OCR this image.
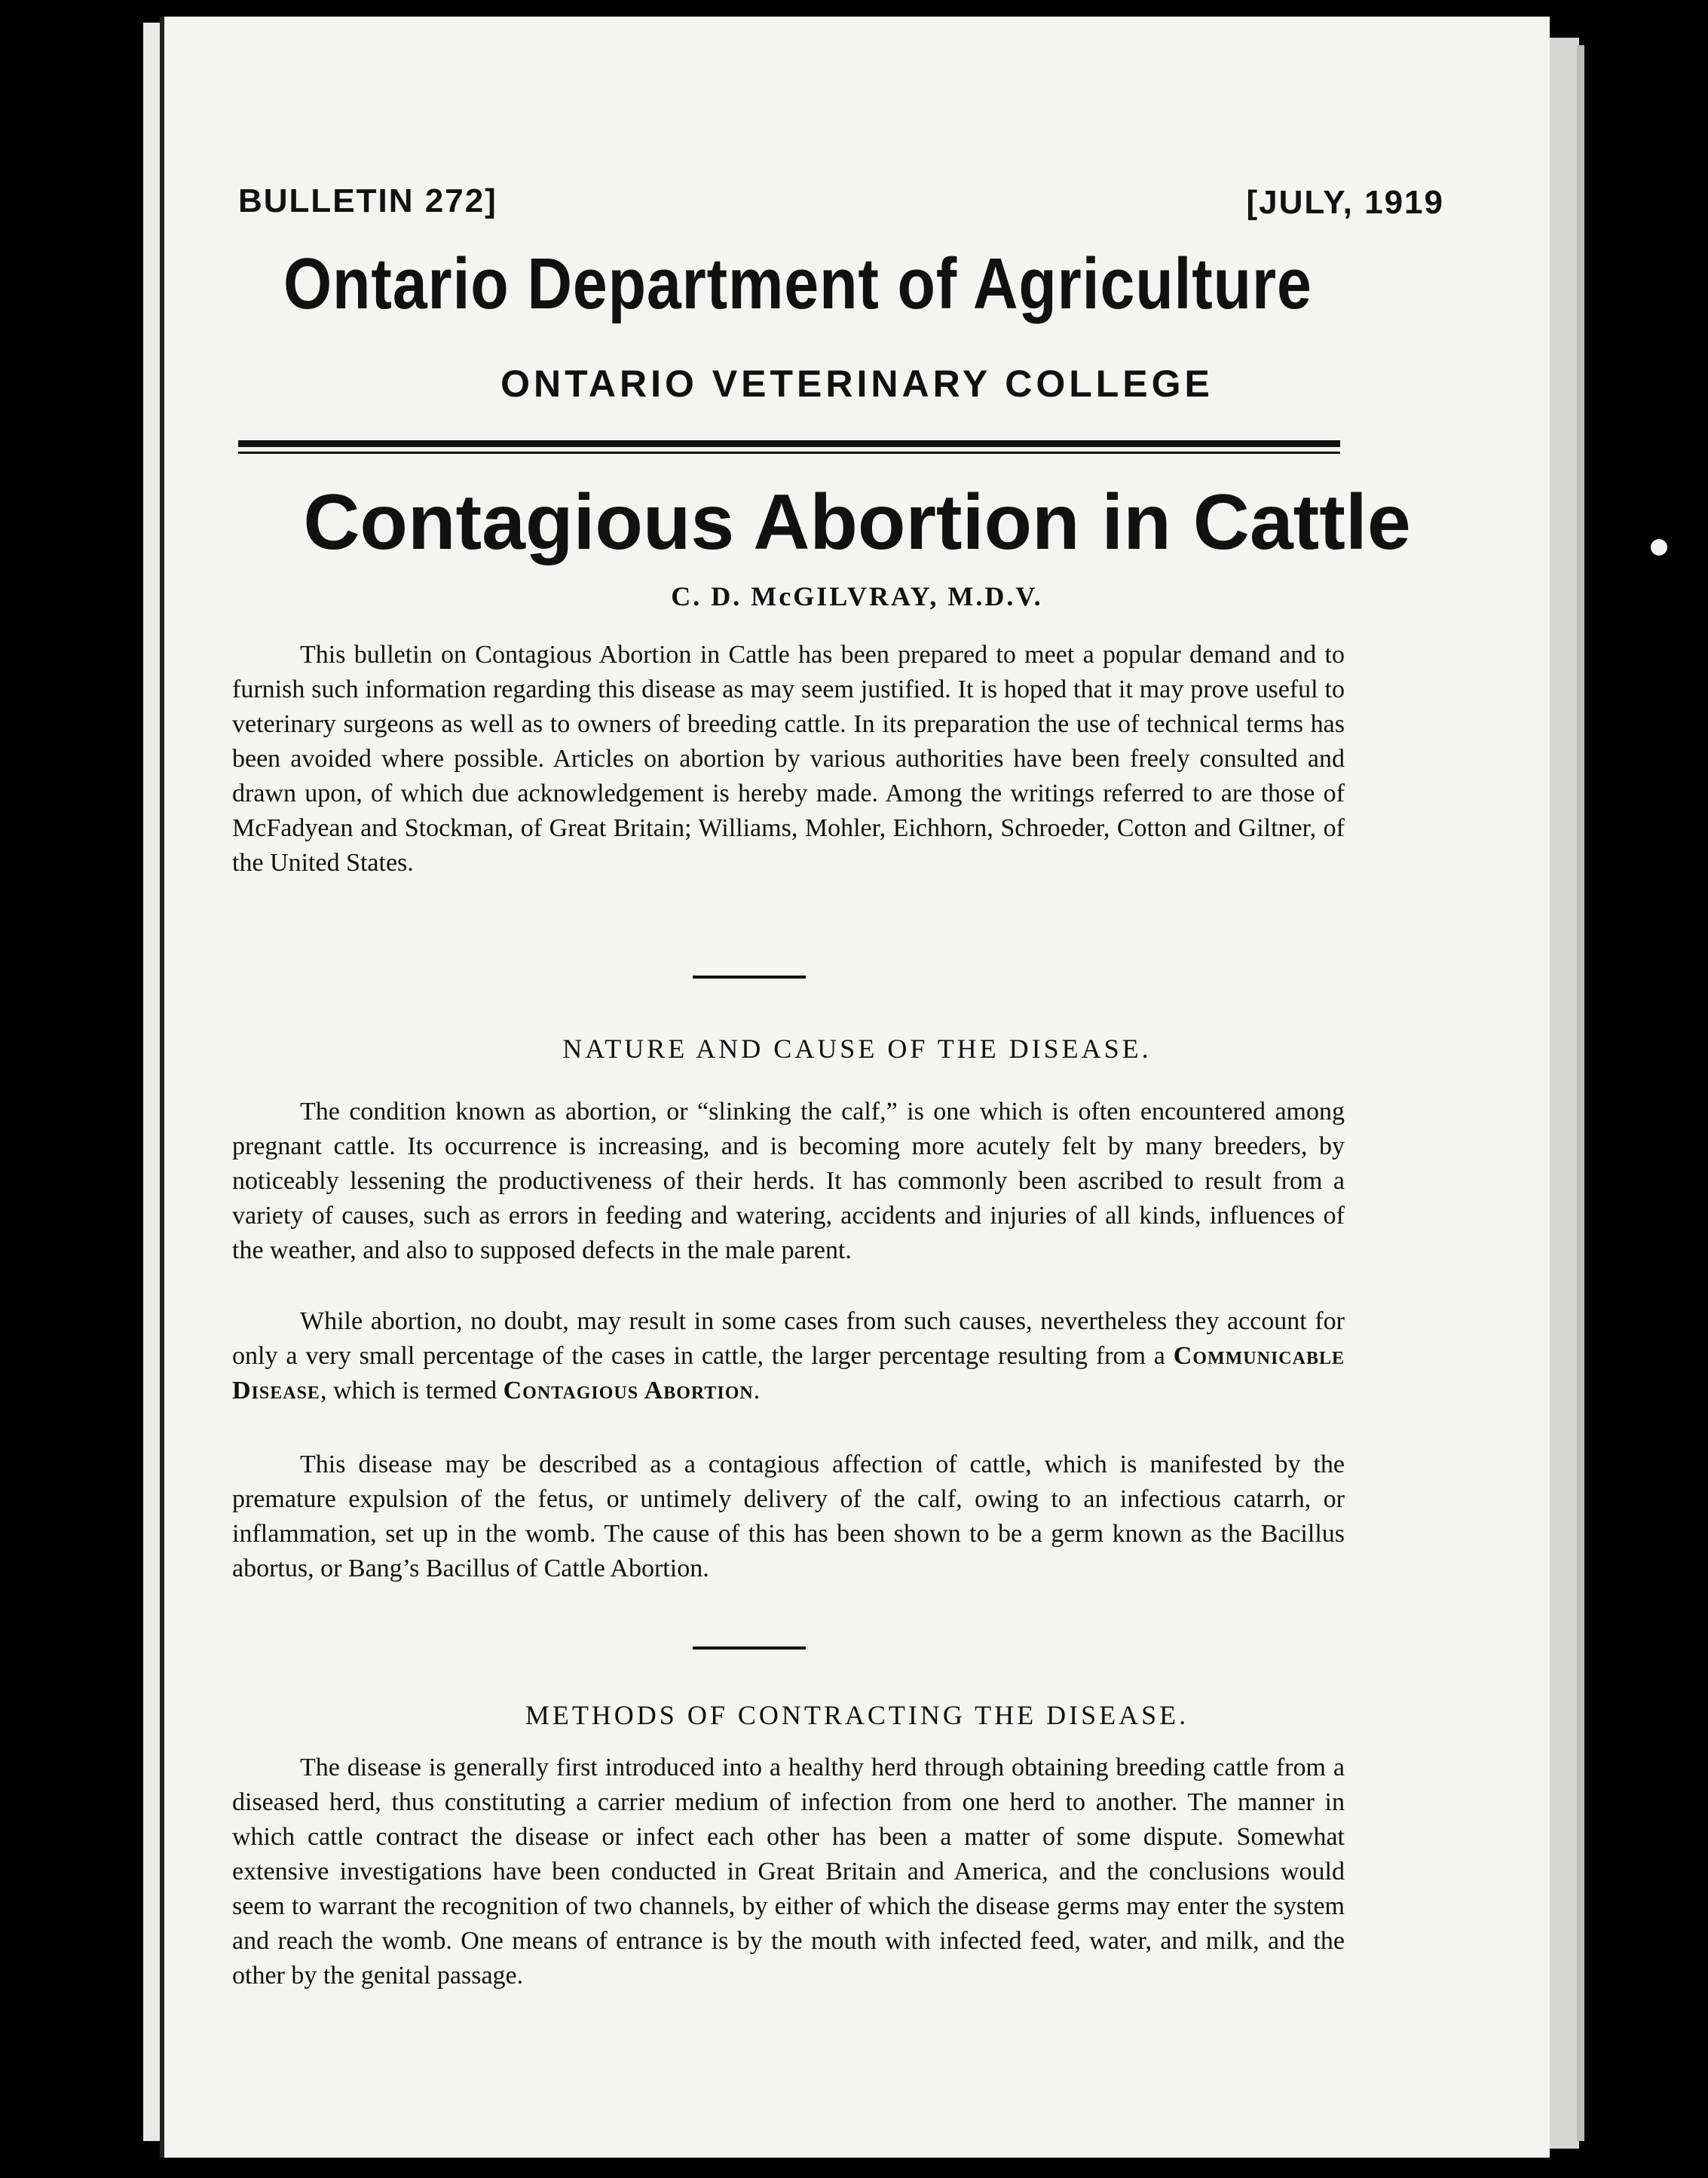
BULLETIN 272]	[JULY, 1919
Ontario Department of Agriculture
ONTARIO VETERINARY COLLEGE
Contagious Abortion in Cattle
C. D. McGILVRAY, M.D.V.
This bulletin on Contagious Abortion in Cattle has been prepared to meet a popular demand and to furnish such information regarding this disease as may seem justified. It is hoped that it may prove useful to veterinary surgeons as well as to owners of breeding cattle. In its preparation the use of technical terms has been avoided where possible. Articles on abortion by various authorities have been freely consulted and drawn upon, of which due acknowledgement is hereby made. Among the writings referred to are those of McFadyean and Stockman, of Great Britain; Williams, Mohler, Eichhorn, Schroeder, Cotton and Giltner, of the United States.
NATURE AND CAUSE OF THE DISEASE.
The condition known as abortion, or “slinking the calf,” is one which is often encountered among pregnant cattle. Its occurrence is increasing, and is becoming more acutely felt by many breeders, by noticeably lessening the productiveness of their herds. It has commonly been ascribed to result from a variety of causes, such as errors in feeding and watering, accidents and injuries of all kinds, influences of the weather, and also to supposed defects in the male parent.
While abortion, no doubt, may result in some cases from such causes, nevertheless they account for only a very small percentage of the cases in cattle, the larger percentage resulting from a Communicable Disease, which is termed Contagious Abortion.
This disease may be described as a contagious affection of cattle, which is manifested by the premature expulsion of the fetus, or untimely delivery of the calf, owing to an infectious catarrh, or inflammation, set up in the womb. The cause of this has been shown to be a germ known as the Bacillus abortus, or Bang’s Bacillus of Cattle Abortion.
METHODS OF CONTRACTING THE DISEASE.
The disease is generally first introduced into a healthy herd through obtaining breeding cattle from a diseased herd, thus constituting a carrier medium of infection from one herd to another. The manner in which cattle contract the disease or infect each other has been a matter of some dispute. Somewhat extensive investigations have been conducted in Great Britain and America, and the conclusions would seem to warrant the recognition of two channels, by either of which the disease germs may enter the system and reach the womb. One means of entrance is by the mouth with infected feed, water, and milk, and the other by the genital passage.
